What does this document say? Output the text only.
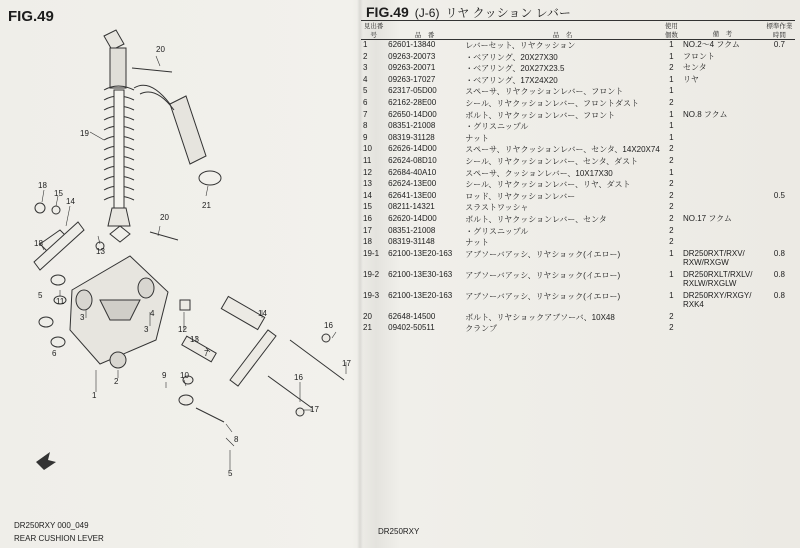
FIG.49
20
19
21
20
18
15
14
13
18
11
5
3
6
4
3
2
1
12
13
7
14
16
17
16
17
9 10
8
5
DR250RXY 000_049
REAR CUSHION LEVER
FIG.49 (J-6) リヤ クッション レバー
見出番号	品　番	品　名	使用個数	備　考	標準作業時間
1	62601-13840	レバーセット、リヤクッション	1	NO.2～4 フクム	0.7
2	09263-20073	・ベアリング、20X27X30	1	フロント	

3	09263-20071	・ベアリング、20X27X23.5	2	センタ	

4	09263-17027	・ベアリング、17X24X20	1	リヤ	

5	62317-05D00	スペーサ、リヤクッションレバー、フロント	1		
6	62162-28E00	シール、リヤクッションレバー、フロントダスト	2		
7	62650-14D00	ボルト、リヤクッションレバー、フロント	1	NO.8 フクム	

8	08351-21008	・グリスニップル	1		
9	08319-31128	ナット	1		
10	62626-14D00	スペーサ、リヤクッションレバー、センタ、14X20X74	2		
11	62624-08D10	シール、リヤクッションレバー、センタ、ダスト	2		
12	62684-40A10	スペーサ、クッションレバー、10X17X30	1		
13	62624-13E00	シール、リヤクッションレバー、リヤ、ダスト	2		
14	62641-13E00	ロッド、リヤクッションレバー	2		0.5
15	08211-14321	スラストワッシャ	2		
16	62620-14D00	ボルト、リヤクッションレバー、センタ	2	NO.17 フクム	

17	08351-21008	・グリスニップル	2		
18	08319-31148	ナット	2		
19-1	62100-13E20-163	アブソーバアッシ、リヤショック(イエロー)	1	DR250RXT/RXV/
RXW/RXGW	0.8
19-2	62100-13E30-163	アブソーバアッシ、リヤショック(イエロー)	1	DR250RXLT/RXLV/
RXLW/RXGLW	0.8
19-3	62100-13E20-163	アブソーバアッシ、リヤショック(イエロー)	1	DR250RXY/RXGY/
RXK4	0.8
20	62648-14500	ボルト、リヤショックアブソーバ、10X48	2		
21	09402-50511	クランプ	2		
DR250RXY
